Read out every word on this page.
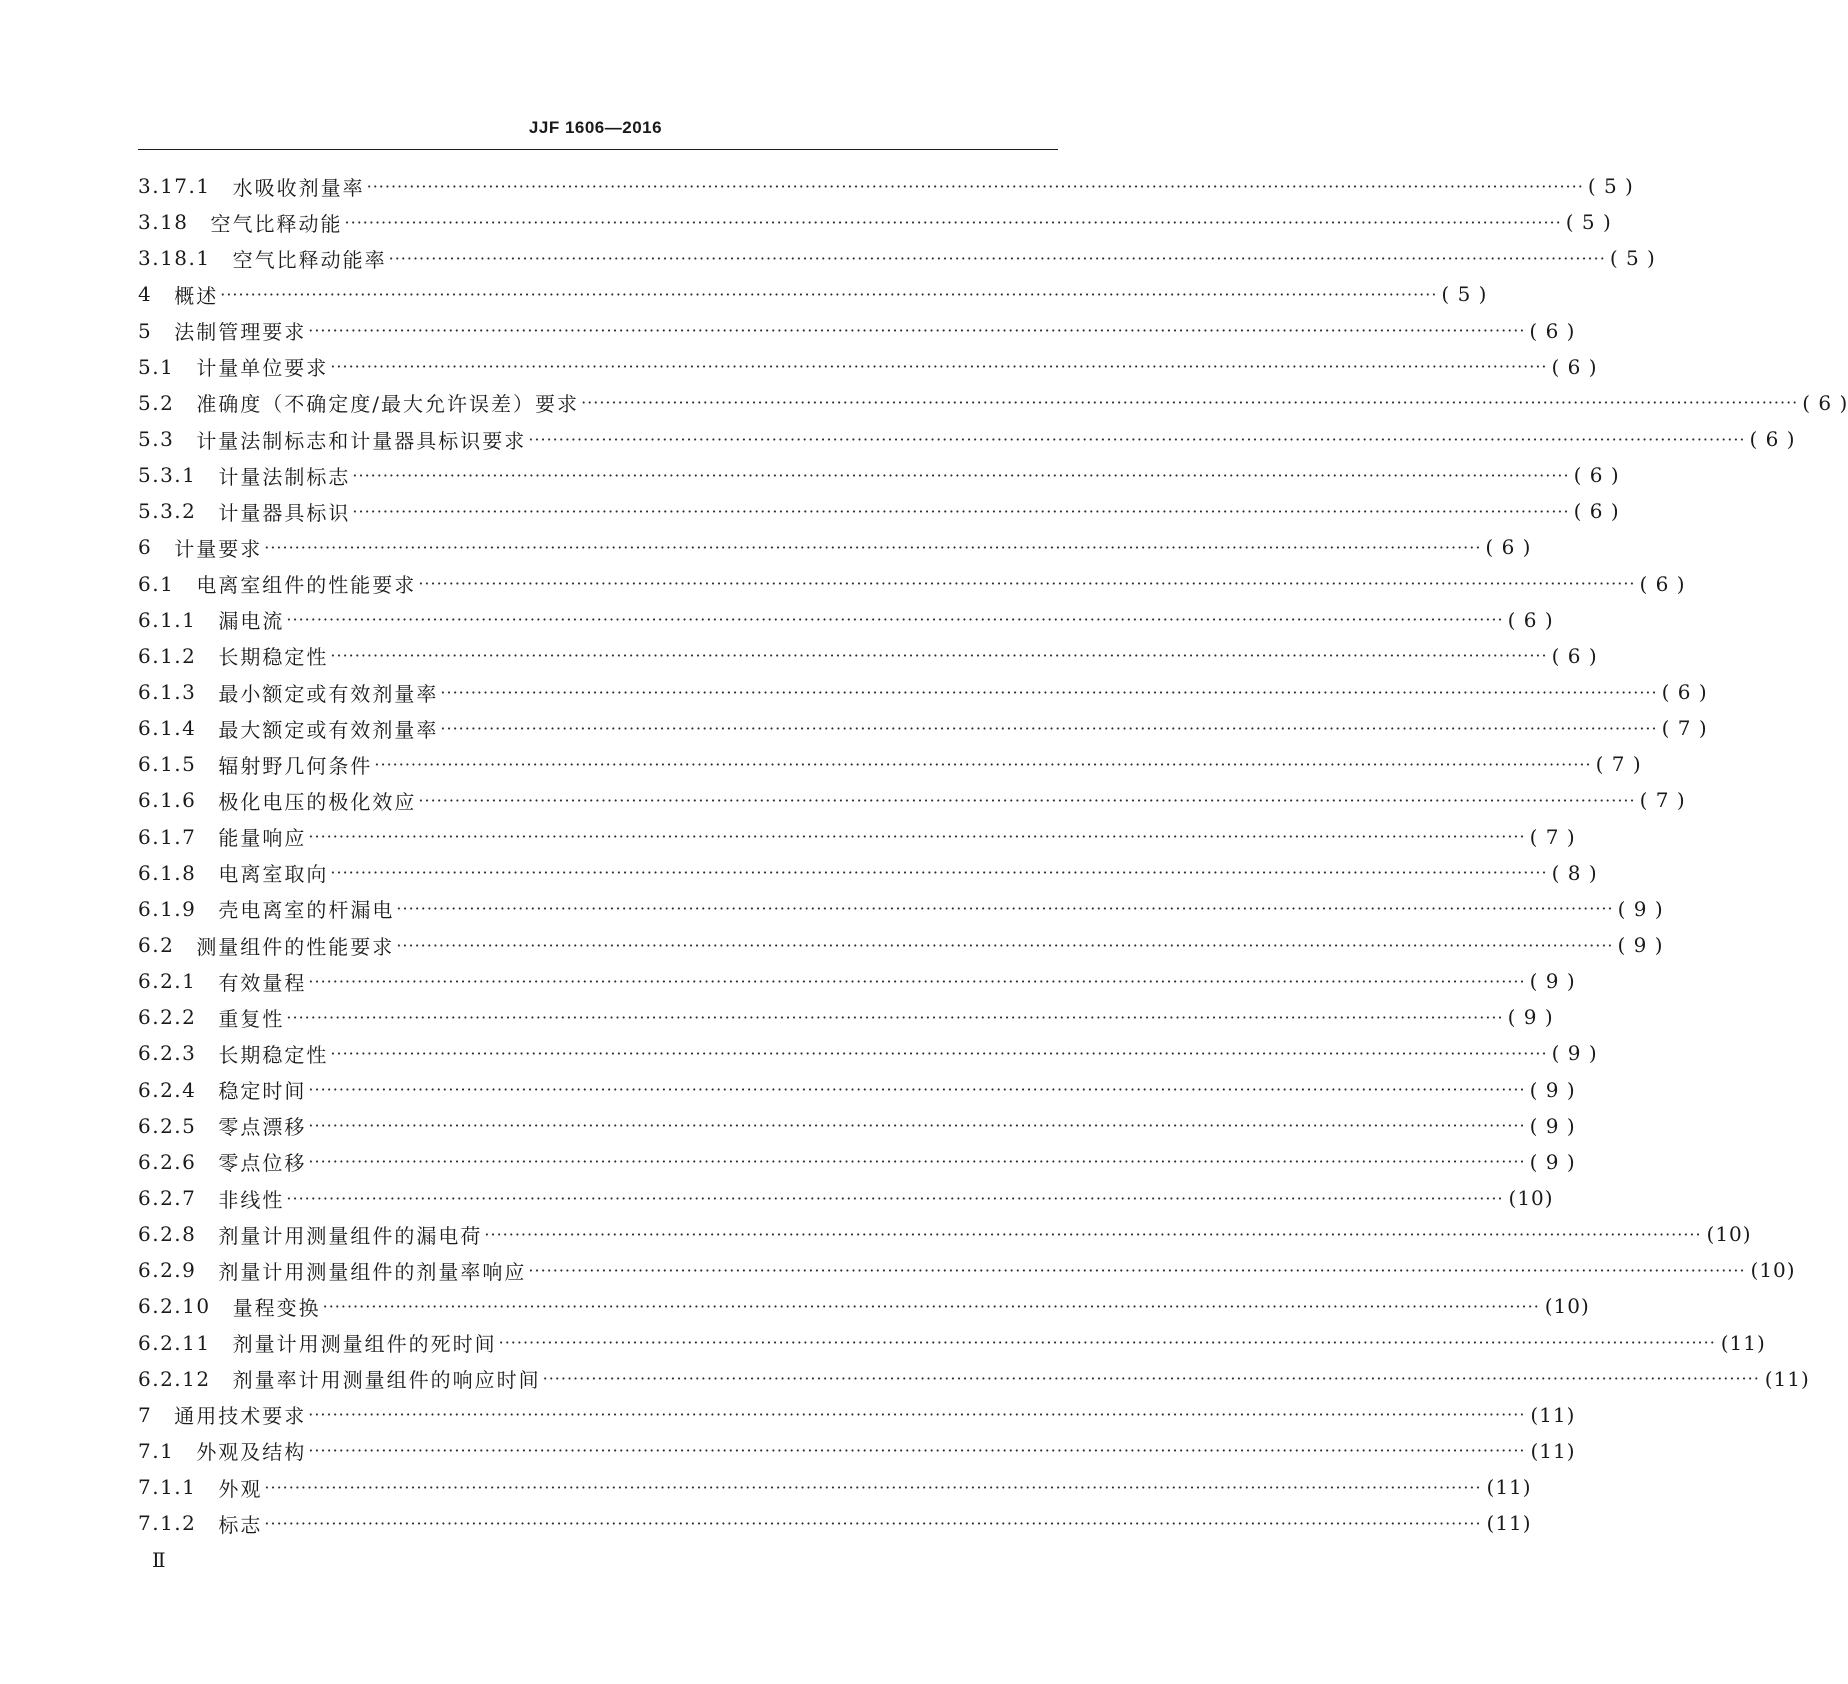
JJF 1606—2016
3.17.1 水吸收剂量率 ········································································································································································································ ( 5 )
3.18 空气比释动能 ········································································································································································································ ( 5 )
3.18.1 空气比释动能率 ········································································································································································································ ( 5 )
4 概述 ········································································································································································································ ( 5 )
5 法制管理要求 ········································································································································································································ ( 6 )
5.1 计量单位要求 ········································································································································································································ ( 6 )
5.2 准确度（不确定度/最大允许误差）要求 ········································································································································································································ ( 6 )
5.3 计量法制标志和计量器具标识要求 ········································································································································································································ ( 6 )
5.3.1 计量法制标志 ········································································································································································································ ( 6 )
5.3.2 计量器具标识 ········································································································································································································ ( 6 )
6 计量要求 ········································································································································································································ ( 6 )
6.1 电离室组件的性能要求 ········································································································································································································ ( 6 )
6.1.1 漏电流 ········································································································································································································ ( 6 )
6.1.2 长期稳定性 ········································································································································································································ ( 6 )
6.1.3 最小额定或有效剂量率 ········································································································································································································ ( 6 )
6.1.4 最大额定或有效剂量率 ········································································································································································································ ( 7 )
6.1.5 辐射野几何条件 ········································································································································································································ ( 7 )
6.1.6 极化电压的极化效应 ········································································································································································································ ( 7 )
6.1.7 能量响应 ········································································································································································································ ( 7 )
6.1.8 电离室取向 ········································································································································································································ ( 8 )
6.1.9 壳电离室的杆漏电 ········································································································································································································ ( 9 )
6.2 测量组件的性能要求 ········································································································································································································ ( 9 )
6.2.1 有效量程 ········································································································································································································ ( 9 )
6.2.2 重复性 ········································································································································································································ ( 9 )
6.2.3 长期稳定性 ········································································································································································································ ( 9 )
6.2.4 稳定时间 ········································································································································································································ ( 9 )
6.2.5 零点漂移 ········································································································································································································ ( 9 )
6.2.6 零点位移 ········································································································································································································ ( 9 )
6.2.7 非线性 ········································································································································································································ (10)
6.2.8 剂量计用测量组件的漏电荷 ········································································································································································································ (10)
6.2.9 剂量计用测量组件的剂量率响应 ········································································································································································································ (10)
6.2.10 量程变换 ········································································································································································································ (10)
6.2.11 剂量计用测量组件的死时间 ········································································································································································································ (11)
6.2.12 剂量率计用测量组件的响应时间 ········································································································································································································ (11)
7 通用技术要求 ········································································································································································································ (11)
7.1 外观及结构 ········································································································································································································ (11)
7.1.1 外观 ········································································································································································································ (11)
7.1.2 标志 ········································································································································································································ (11)
Ⅱ
